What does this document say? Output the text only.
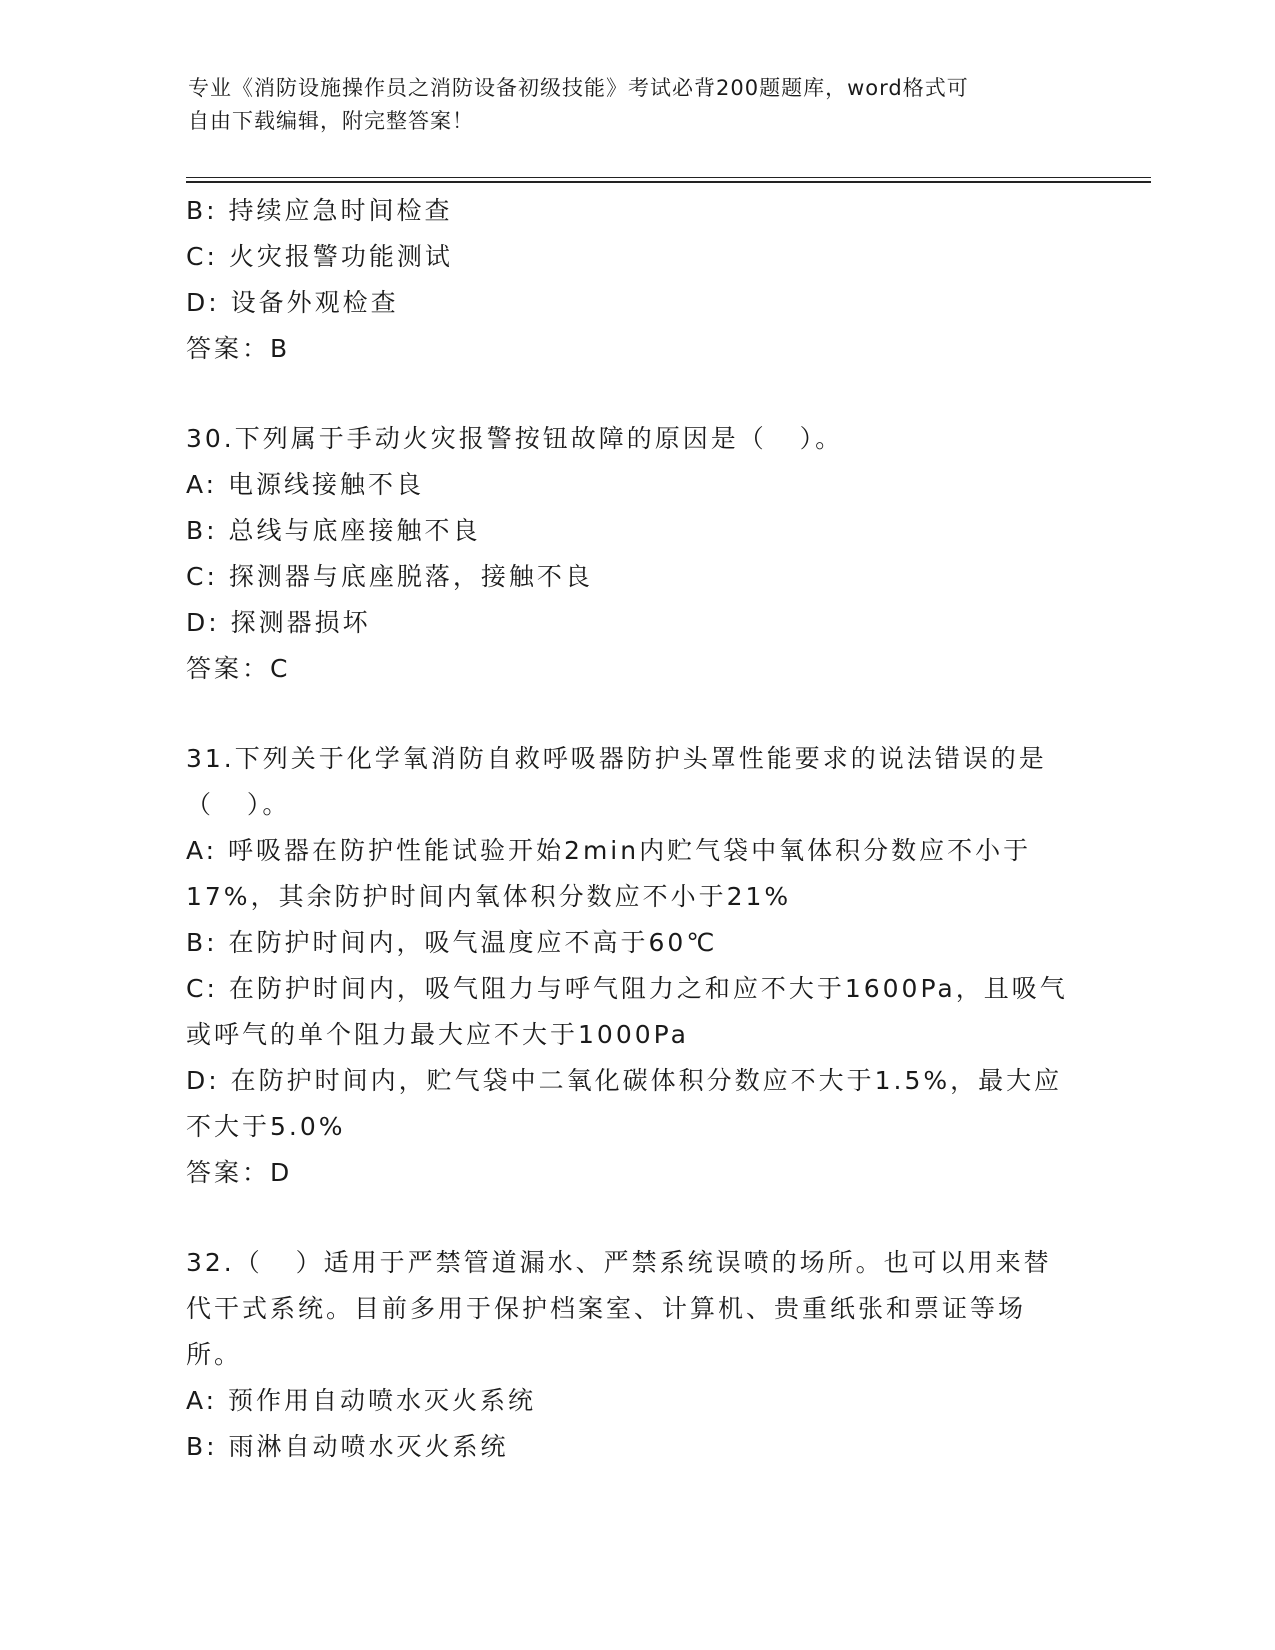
专业《消防设施操作员之消防设备初级技能》考试必背200题题库，word格式可
自由下载编辑，附完整答案！

B: 持续应急时间检查

C: 火灾报警功能测试

D: 设备外观检查

答案：B

30.下列属于手动火灾报警按钮故障的原因是（   ）。

A: 电源线接触不良

B: 总线与底座接触不良

C: 探测器与底座脱落，接触不良

D: 探测器损坏

答案：C

31.下列关于化学氧消防自救呼吸器防护头罩性能要求的说法错误的是

（   ）。

A: 呼吸器在防护性能试验开始2min内贮气袋中氧体积分数应不小于

17%，其余防护时间内氧体积分数应不小于21%

B: 在防护时间内，吸气温度应不高于60℃

C: 在防护时间内，吸气阻力与呼气阻力之和应不大于1600Pa，且吸气

或呼气的单个阻力最大应不大于1000Pa

D: 在防护时间内，贮气袋中二氧化碳体积分数应不大于1.5%，最大应

不大于5.0%

答案：D

32.（   ）适用于严禁管道漏水、严禁系统误喷的场所。也可以用来替

代干式系统。目前多用于保护档案室、计算机、贵重纸张和票证等场

所。

A: 预作用自动喷水灭火系统

B: 雨淋自动喷水灭火系统
